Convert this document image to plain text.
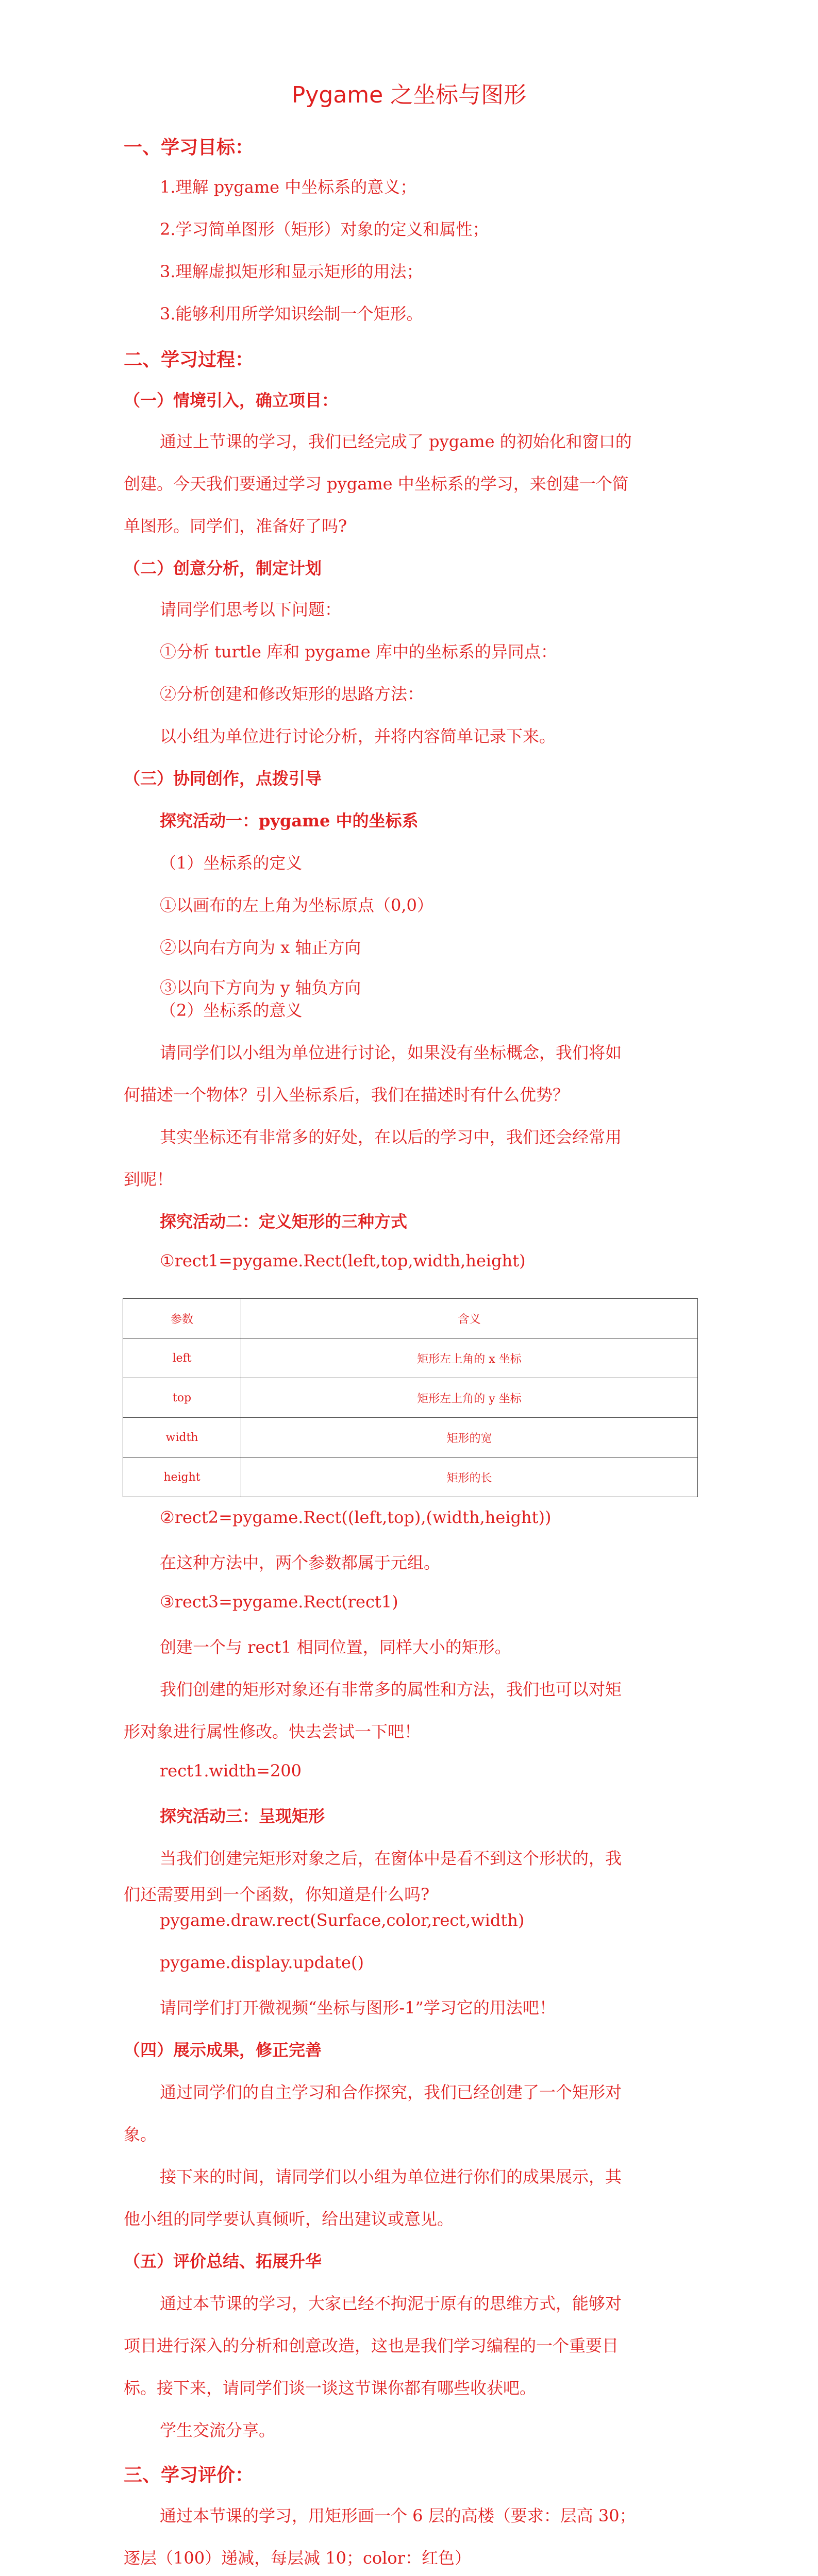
Pygame 之坐标与图形
一、学习目标：
1.理解 pygame 中坐标系的意义；
2.学习简单图形（矩形）对象的定义和属性；
3.理解虚拟矩形和显示矩形的用法；
3.能够利用所学知识绘制一个矩形。
二、学习过程：
（一）情境引入，确立项目：
通过上节课的学习，我们已经完成了 pygame 的初始化和窗口的
创建。今天我们要通过学习 pygame 中坐标系的学习，来创建一个简
单图形。同学们，准备好了吗?
（二）创意分析，制定计划
请同学们思考以下问题：
①分析 turtle 库和 pygame 库中的坐标系的异同点：
②分析创建和修改矩形的思路方法：
以小组为单位进行讨论分析，并将内容简单记录下来。
（三）协同创作，点拨引导
探究活动一：pygame 中的坐标系
（1）坐标系的定义
①以画布的左上角为坐标原点（0,0）
②以向右方向为 x 轴正方向
③以向下方向为 y 轴负方向
（2）坐标系的意义
请同学们以小组为单位进行讨论，如果没有坐标概念，我们将如
何描述一个物体？引入坐标系后，我们在描述时有什么优势？
其实坐标还有非常多的好处，在以后的学习中，我们还会经常用
到呢！
探究活动二：定义矩形的三种方式
①rect1=pygame.Rect(left,top,width,height)
参数	含义
left	矩形左上角的 x 坐标
top	矩形左上角的 y 坐标
width	矩形的宽
height	矩形的长
②rect2=pygame.Rect((left,top),(width,height))
在这种方法中，两个参数都属于元组。
③rect3=pygame.Rect(rect1)
创建一个与 rect1 相同位置，同样大小的矩形。
我们创建的矩形对象还有非常多的属性和方法，我们也可以对矩
形对象进行属性修改。快去尝试一下吧！
rect1.width=200
探究活动三：呈现矩形
当我们创建完矩形对象之后，在窗体中是看不到这个形状的，我
们还需要用到一个函数，你知道是什么吗?
pygame.draw.rect(Surface,color,rect,width)
pygame.display.update()
请同学们打开微视频“坐标与图形-1”学习它的用法吧！
（四）展示成果，修正完善
通过同学们的自主学习和合作探究，我们已经创建了一个矩形对
象。
接下来的时间，请同学们以小组为单位进行你们的成果展示，其
他小组的同学要认真倾听，给出建议或意见。
（五）评价总结、拓展升华
通过本节课的学习，大家已经不拘泥于原有的思维方式，能够对
项目进行深入的分析和创意改造，这也是我们学习编程的一个重要目
标。接下来，请同学们谈一谈这节课你都有哪些收获吧。
学生交流分享。
三、学习评价：
通过本节课的学习，用矩形画一个 6 层的高楼（要求：层高 30；
逐层（100）递减，每层减 10；color：红色）
